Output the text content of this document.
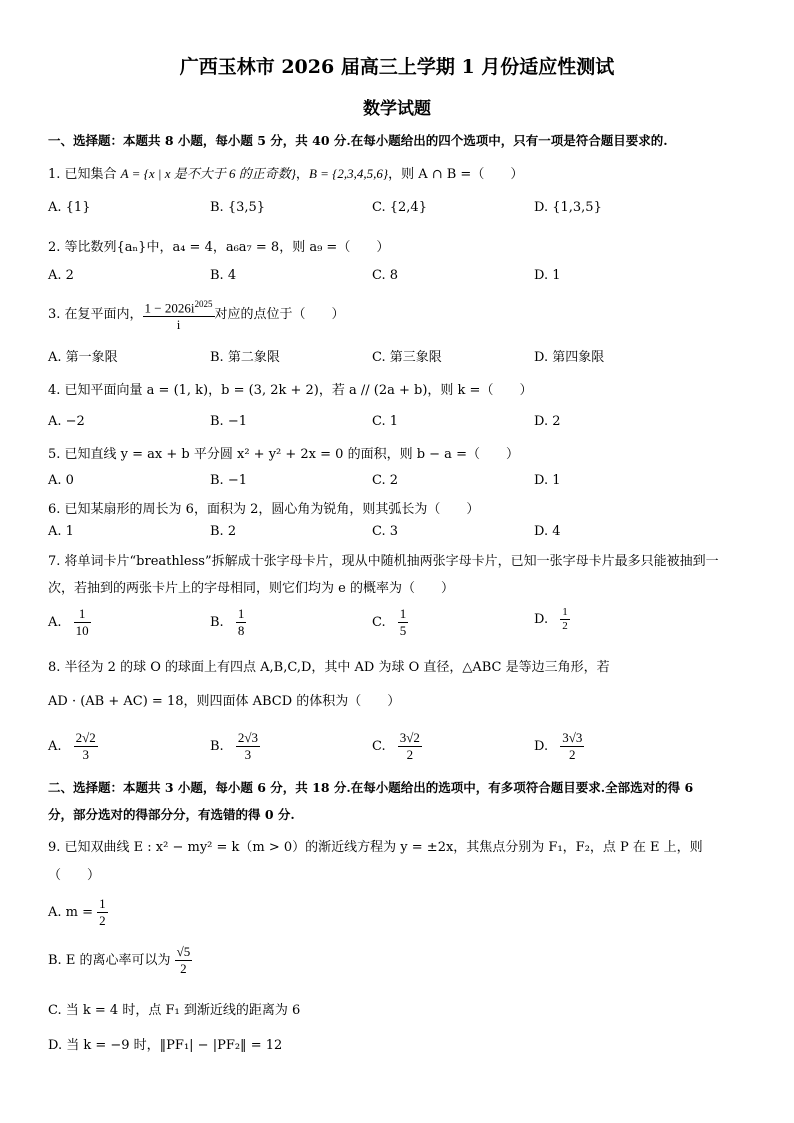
广西玉林市 2026 届高三上学期 1 月份适应性测试
数学试题
一、选择题：本题共 8 小题，每小题 5 分，共 40 分.在每小题给出的四个选项中，只有一项是符合题目要求的.
1. 已知集合 A = {x | x 是不大于 6 的正奇数}，B = {2,3,4,5,6}，则 A ∩ B =（　　）
A. {1}	B. {3,5}	C. {2,4}	D. {1,3,5}
2. 等比数列{aₙ}中，a₄ = 4，a₆a₇ = 8，则 a₉ =（　　）
A. 2	B. 4	C. 8	D. 1
3. 在复平面内， $\frac{1 - 2026i^{2025}}{i}$ 对应的点位于（　　）
A. 第一象限	B. 第二象限	C. 第三象限	D. 第四象限
4. 已知平面向量 a = (1, k)，b = (3, 2k + 2)，若 a // (2a + b)，则 k =（　　）
A. −2	B. −1	C. 1	D. 2
5. 已知直线 y = ax + b 平分圆 x² + y² + 2x = 0 的面积，则 b − a =（　　）
A. 0	B. −1	C. 2	D. 1
6. 已知某扇形的周长为 6，面积为 2，圆心角为锐角，则其弧长为（　　）
A. 1	B. 2	C. 3	D. 4
7. 将单词卡片“breathless”拆解成十张字母卡片，现从中随机抽两张字母卡片，已知一张字母卡片最多只能被抽到一
次，若抽到的两张卡片上的字母相同，则它们均为 e 的概率为（　　）
A. $\frac{1}{10}$	B. $\frac{1}{8}$	C. $\frac{1}{5}$	D. $\frac{1}{2}$
8. 半径为 2 的球 O 的球面上有四点 A,B,C,D，其中 AD 为球 O 直径，△ABC 是等边三角形，若
AD · (AB + AC) = 18，则四面体 ABCD 的体积为（　　）
A. $\frac{2√2}{3}$	B. $\frac{2√3}{3}$	C. $\frac{3√2}{2}$	D. $\frac{3√3}{2}$
二、选择题：本题共 3 小题，每小题 6 分，共 18 分.在每小题给出的选项中，有多项符合题目要求.全部选对的得 6
分，部分选对的得部分分，有选错的得 0 分.
9. 已知双曲线 E : x² − my² = k（m > 0）的渐近线方程为 y = ±2x，其焦点分别为 F₁，F₂，点 P 在 E 上，则
（　　）
A. $m = \frac{1}{2}$
B. E 的离心率可以为 $\frac{√5}{2}$
C. 当 k = 4 时，点 F₁ 到渐近线的距离为 6
D. 当 k = −9 时，‖PF₁| − |PF₂‖ = 12
